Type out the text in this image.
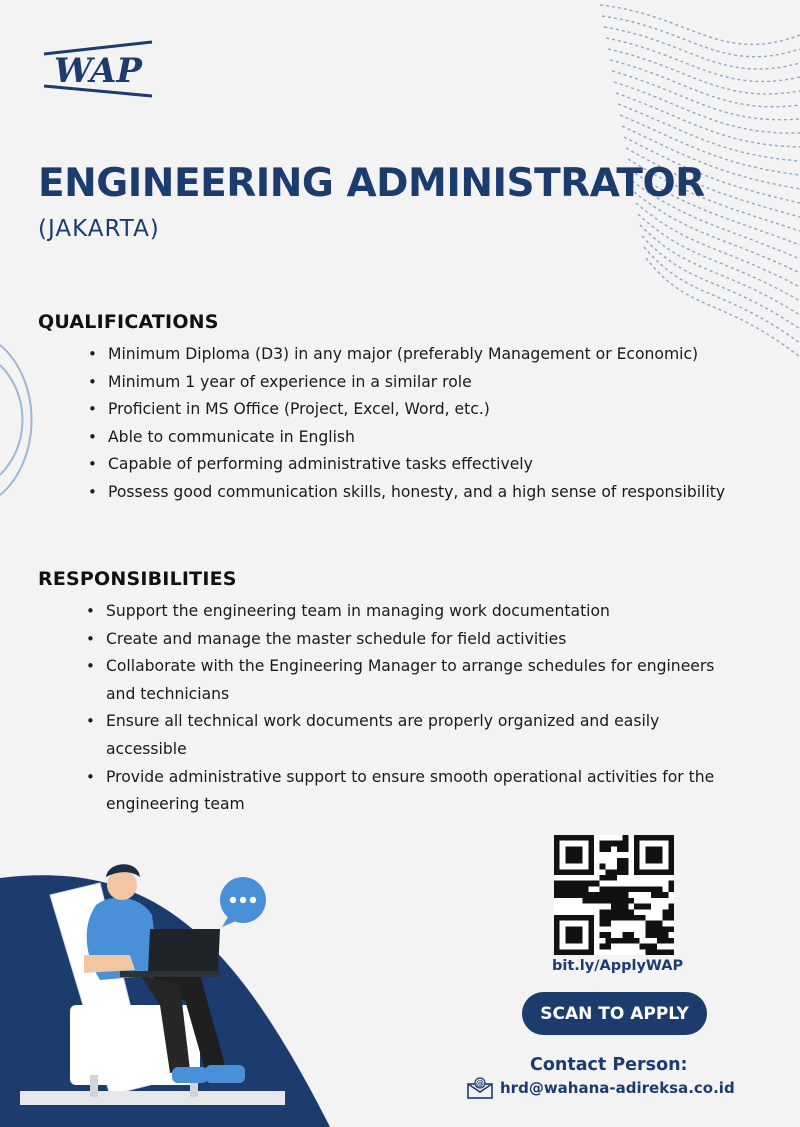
WAP
ENGINEERING ADMINISTRATOR
(JAKARTA)
QUALIFICATIONS
• Minimum Diploma (D3) in any major (preferably Management or Economic)
• Minimum 1 year of experience in a similar role
• Proficient in MS Office (Project, Excel, Word, etc.)
• Able to communicate in English
• Capable of performing administrative tasks effectively
• Possess good communication skills, honesty, and a high sense of responsibility
RESPONSIBILITIES
• Support the engineering team in managing work documentation
• Create and manage the master schedule for field activities
• Collaborate with the Engineering Manager to arrange schedules for engineers and technicians
• Ensure all technical work documents are properly organized and easily accessible
• Provide administrative support to ensure smooth operational activities for the engineering team
bit.ly/ApplyWAP
SCAN TO APPLY
Contact Person:
@ hrd@wahana-adireksa.co.id
